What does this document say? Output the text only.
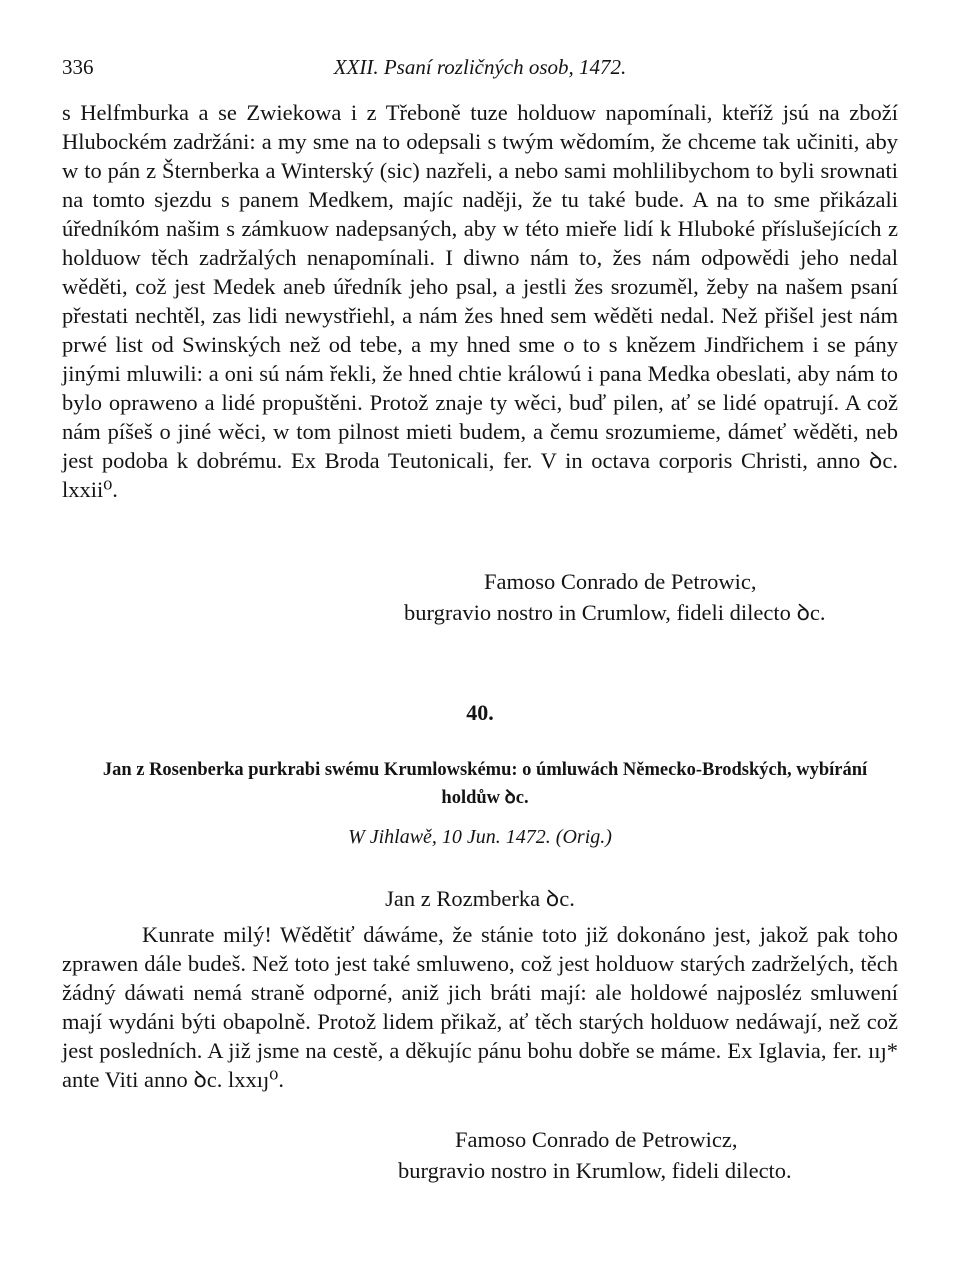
336	XXII. Psaní rozličných osob, 1472.

s Helfmburka a se Zwiekowa i z Třeboně tuze holduow napomínali, kteříž jsú na zboží Hlubockém zadržáni: a my sme na to odepsali s twým wědomím, že chceme tak učiniti, aby w to pán z Šternberka a Winterský (sic) nazřeli, a nebo sami mohlilibychom to byli srownati na tomto sjezdu s panem Medkem, majíc naději, že tu také bude. A na to sme přikázali úředníkóm našim s zámkuow nadepsaných, aby w této mieře lidí k Hluboké příslušejících z holduow těch zadržalých nenapomínali. I diwno nám to, žes nám odpowědi jeho nedal wěděti, což jest Medek aneb úředník jeho psal, a jestli žes srozuměl, žeby na našem psaní přestati nechtěl, zas lidi newystřiehl, a nám žes hned sem wěděti nedal. Než přišel jest nám prwé list od Swinských než od tebe, a my hned sme o to s knězem Jindřichem i se pány jinými mluwili: a oni sú nám řekli, že hned chtie králowú i pana Medka obeslati, aby nám to bylo opraweno a lidé propuštěni. Protož znaje ty wěci, buď pilen, ať se lidé opatrují. A což nám píšeš o jiné wěci, w tom pilnost mieti budem, a čemu srozumieme, dámeť wěděti, neb jest podoba k dobrému. Ex Broda Teutonicali, fer. V in octava corporis Christi, anno ꝺc. lxxii⁰.

Famoso Conrado de Petrowic,
burgravio nostro in Crumlow, fideli dilecto ꝺc.
40.
Jan z Rosenberka purkrabi swému Krumlowskému: o úmluwách Německo-Brodských, wybírání holdůw ꝺc.
W Jihlawě, 10 Jun. 1472. (Orig.)
Jan z Rozmberka ꝺc.

Kunrate milý! Wědětiť dáwáme, že stánie toto již dokonáno jest, jakož pak toho zprawen dále budeš. Než toto jest také smluweno, což jest holduow starých zadrželých, těch žádný dáwati nemá straně odporné, aniž jich bráti mají: ale holdowé najposléz smluwení mají wydáni býti obapolně. Protož lidem přikaž, ať těch starých holduow nedáwají, než což jest posledních. A již jsme na cestě, a děkujíc pánu bohu dobře se máme. Ex Iglavia, fer. ııȷ* ante Viti anno ꝺc. lxxıȷ⁰.

Famoso Conrado de Petrowicz,
burgravio nostro in Krumlow, fideli dilecto.
